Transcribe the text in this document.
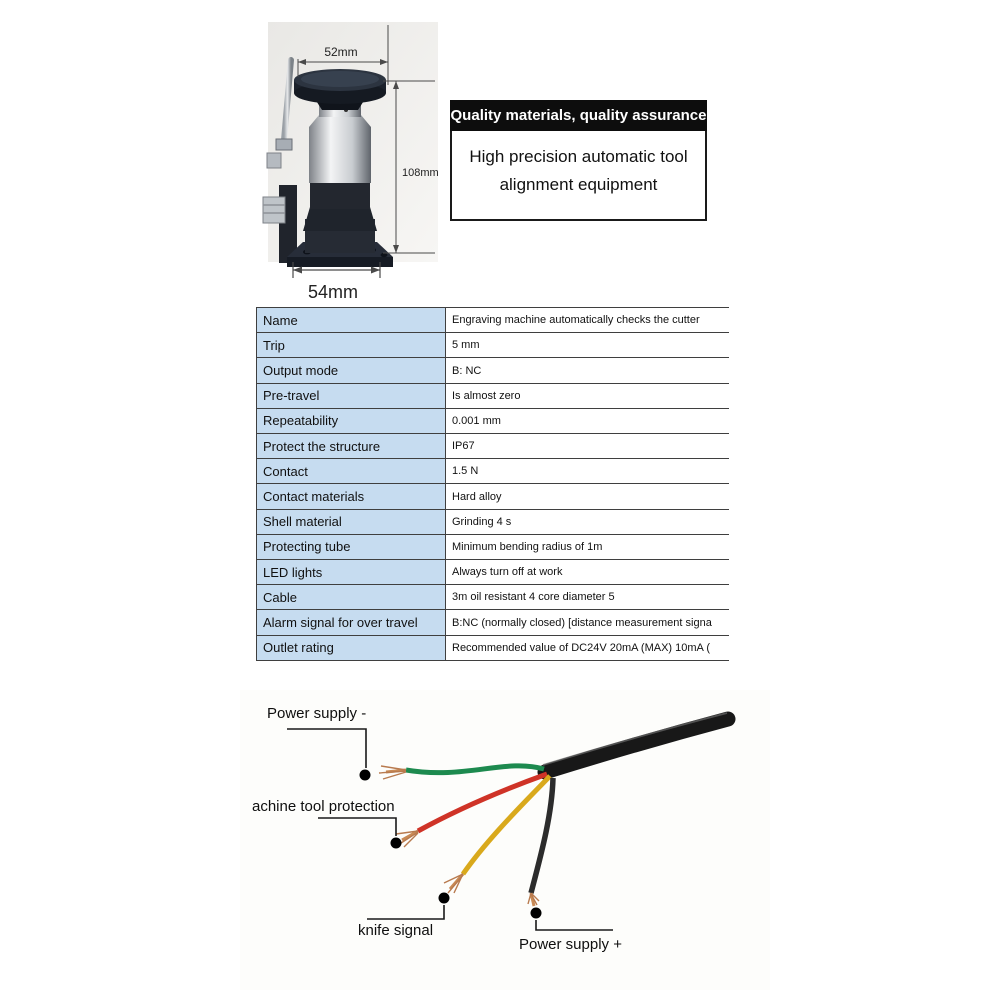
52mm
108mm
54mm
Quality materials, quality assurance
High precision automatic tool
alignment equipment
Name	Engraving machine automatically checks the cutter
Trip	5 mm
Output mode	B: NC
Pre-travel	Is almost zero
Repeatability	0.001 mm
Protect the structure	IP67
Contact	1.5 N
Contact materials	Hard alloy
Shell material	Grinding 4 s
Protecting tube	Minimum bending radius of 1m
LED lights	Always turn off at work
Cable	3m oil resistant 4 core diameter 5
Alarm signal for over travel	B:NC (normally closed) [distance measurement signa
Outlet rating	Recommended value of DC24V 20mA (MAX) 10mA (
Power supply -
achine tool protection
knife signal
Power supply +
